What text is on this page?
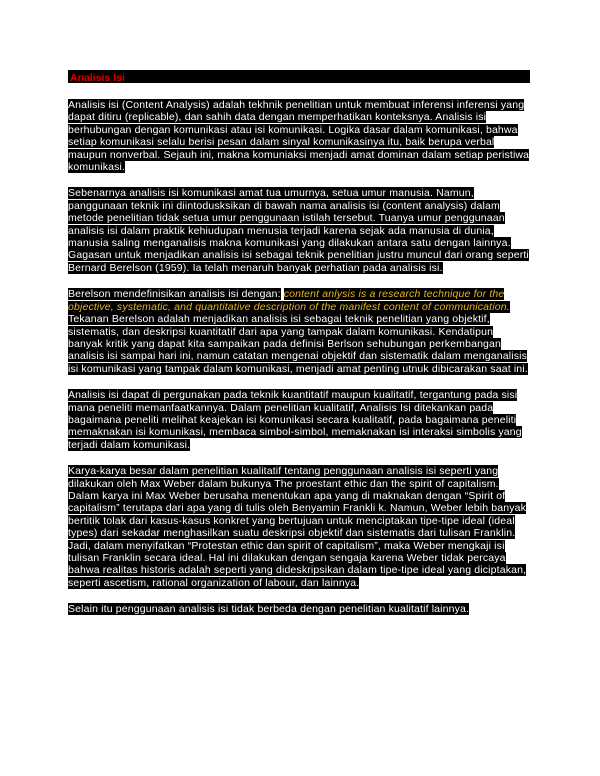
Analisis Isi

Analisis isi (Content Analysis) adalah tekhnik penelitian untuk membuat inferensi inferensi yang dapat ditiru (replicable), dan sahih data dengan memperhatikan konteksnya. Analisis isi berhubungan dengan komunikasi atau isi komunikasi. Logika dasar dalam komunikasi, bahwa setiap komunikasi selalu berisi pesan dalam sinyal komunikasinya itu, baik berupa verbal maupun nonverbal. Sejauh ini, makna komuniaksi menjadi amat dominan dalam setiap peristiwa komunikasi.

Sebenarnya analisis isi komunikasi amat tua umurnya, setua umur manusia. Namun, panggunaan teknik ini diintodusksikan di bawah nama analisis isi (content analysis) dalam metode penelitian tidak setua umur penggunaan istilah tersebut. Tuanya umur penggunaan analisis isi dalam praktik kehiudupan menusia terjadi karena sejak ada manusia di dunia, manusia saling menganalisis makna komunikasi yang dilakukan antara satu dengan lainnya. Gagasan untuk menjadikan analisis isi sebagai teknik penelitian justru muncul dari orang seperti Bernard Berelson (1959). Ia telah menaruh banyak perhatian pada analisis isi.

Berelson mendefinisikan analisis isi dengan: content anlysis is a research technique for the objective, systematic, and quantitative description of the manifest content of communication. Tekanan Berelson adalah menjadikan analisis isi sebagai teknik penelitian yang objektif, sistematis, dan deskripsi kuantitatif dari apa yang tampak dalam komunikasi. Kendatipun banyak kritik yang dapat kita sampaikan pada definisi Berlson sehubungan perkembangan analisis isi sampai hari ini, namun catatan mengenai objektif dan sistematik dalam menganalisis isi komunikasi yang tampak dalam komunikasi, menjadi amat penting utnuk dibicarakan saat ini.

Analisis isi dapat di pergunakan pada teknik kuantitatif maupun kualitatif, tergantung pada sisi mana peneliti memanfaatkannya. Dalam penelitian kualitatif, Analisis Isi ditekankan pada bagaimana peneliti melihat keajekan isi komunikasi secara kualitatif, pada bagaimana peneliti memaknakan isi komunikasi, membaca simbol-simbol, memaknakan isi interaksi simbolis yang terjadi dalam komunikasi.

Karya-karya besar dalam penelitian kualitatif tentang penggunaan analisis isi seperti yang dilakukan oleh Max Weber dalam bukunya The proestant ethic dan the spirit of capitalism. Dalam karya ini Max Weber berusaha menentukan apa yang di maknakan dengan “Spirit of capitalism” terutapa dari apa yang di tulis oleh Benyamin Frankli k. Namun, Weber lebih banyak bertitik tolak dari kasus-kasus konkret yang bertujuan untuk menciptakan tipe-tipe ideal (ideal types) dari sekadar menghasilkan suatu deskripsi objektif dan sistematis dari tulisan Franklin. Jadi, dalam menyifatkan “Protestan ethic dan spirit of capitalism”, maka Weber mengkaji isi tulisan Franklin secara ideal. Hal ini dilakukan dengan sengaja karena Weber tidak percaya bahwa realitas historis adalah seperti yang dideskripsikan dalam tipe-tipe ideal yang diciptakan, seperti ascetism, rational organization of labour, dan lainnya.

Selain itu penggunaan analisis isi tidak berbeda dengan penelitian kualitatif lainnya.
